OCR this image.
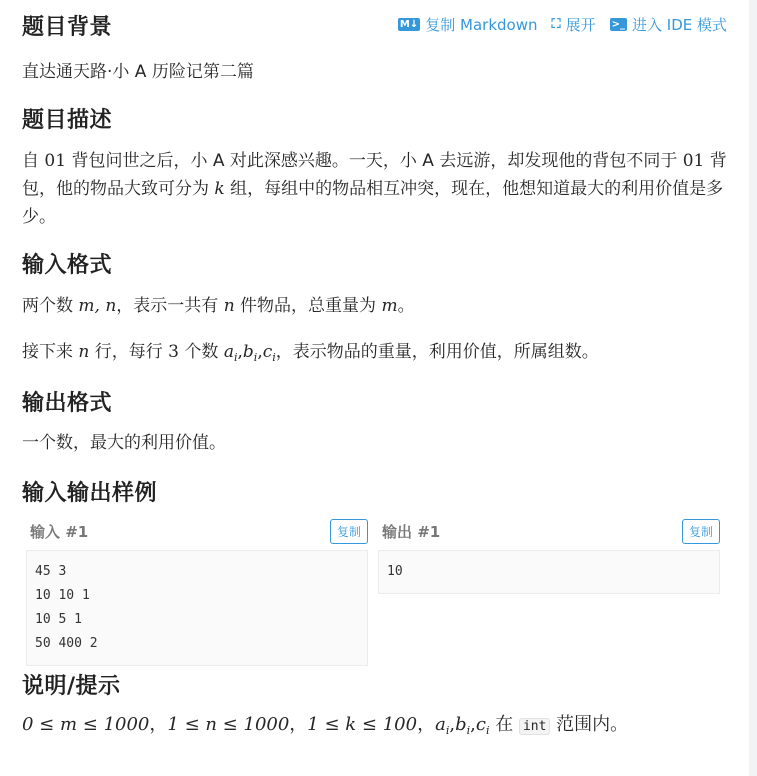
题目背景	M↓ 复制 Markdown ⛶ 展开 >_ 进入 IDE 模式

直达通天路·小 A 历险记第二篇

题目描述

自 01 背包问世之后，小 A 对此深感兴趣。一天，小 A 去远游，却发现他的背包不同于 01 背包，他的物品大致可分为 k 组，每组中的物品相互冲突，现在，他想知道最大的利用价值是多少。

输入格式

两个数 m, n，表示一共有 n 件物品，总重量为 m。

接下来 n 行，每行 3 个数 $a_i,b_i,c_i$，表示物品的重量，利用价值，所属组数。

输出格式

一个数，最大的利用价值。

输入输出样例
输入 #1	复制
45 3
10 10 1
10 5 1
50 400 2
输出 #1	复制
10
说明/提示

0 ≤ m ≤ 1000，1 ≤ n ≤ 1000，1 ≤ k ≤ 100，$a_i,b_i,c_i$ 在 int 范围内。
